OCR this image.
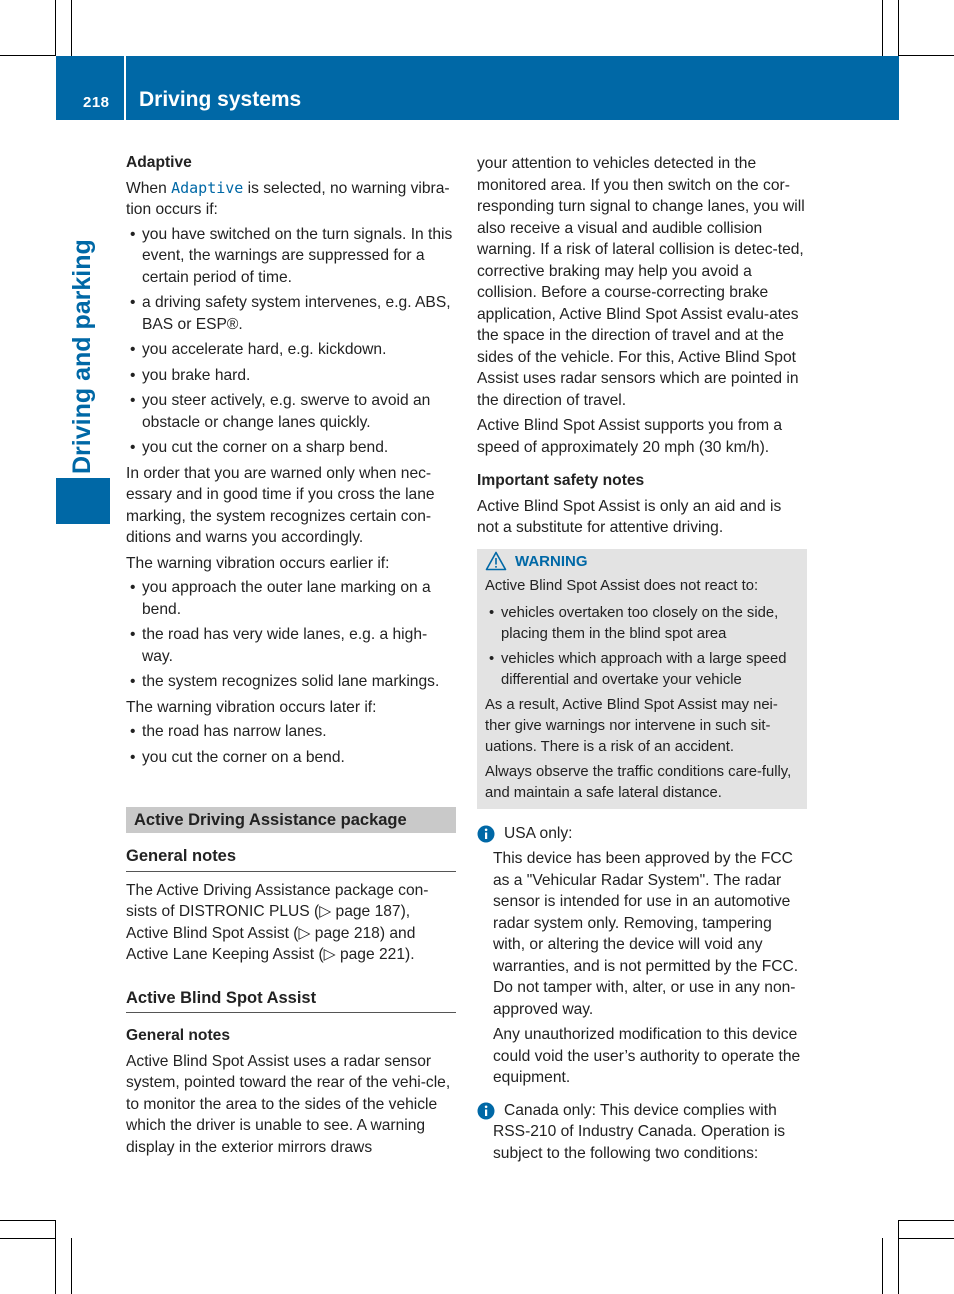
218 Driving systems
Driving and parking

Adaptive

When Adaptive is selected, no warning vibra-tion occurs if:

• you have switched on the turn signals. In this event, the warnings are suppressed for a certain period of time.
• a driving safety system intervenes, e.g. ABS, BAS or ESP®.
• you accelerate hard, e.g. kickdown.
• you brake hard.
• you steer actively, e.g. swerve to avoid an obstacle or change lanes quickly.
• you cut the corner on a sharp bend.

In order that you are warned only when nec-essary and in good time if you cross the lane marking, the system recognizes certain con-ditions and warns you accordingly.

The warning vibration occurs earlier if:

• you approach the outer lane marking on a bend.
• the road has very wide lanes, e.g. a high-way.
• the system recognizes solid lane markings.

The warning vibration occurs later if:

• the road has narrow lanes.
• you cut the corner on a bend.
Active Driving Assistance package
General notes

The Active Driving Assistance package con-sists of DISTRONIC PLUS (▷ page 187), Active Blind Spot Assist (▷ page 218) and Active Lane Keeping Assist (▷ page 221).

Active Blind Spot Assist

General notes

Active Blind Spot Assist uses a radar sensor system, pointed toward the rear of the vehi-cle, to monitor the area to the sides of the vehicle which the driver is unable to see. A warning display in the exterior mirrors draws

your attention to vehicles detected in the monitored area. If you then switch on the cor-responding turn signal to change lanes, you will also receive a visual and audible collision warning. If a risk of lateral collision is detec-ted, corrective braking may help you avoid a collision. Before a course-correcting brake application, Active Blind Spot Assist evalu-ates the space in the direction of travel and at the sides of the vehicle. For this, Active Blind Spot Assist uses radar sensors which are pointed in the direction of travel.

Active Blind Spot Assist supports you from a speed of approximately 20 mph (30 km/h).

Important safety notes

Active Blind Spot Assist is only an aid and is not a substitute for attentive driving.

WARNING

Active Blind Spot Assist does not react to:

• vehicles overtaken too closely on the side, placing them in the blind spot area
• vehicles which approach with a large speed differential and overtake your vehicle

As a result, Active Blind Spot Assist may nei-ther give warnings nor intervene in such sit-uations. There is a risk of an accident.

Always observe the traffic conditions care-fully, and maintain a safe lateral distance.

USA only:

This device has been approved by the FCC as a "Vehicular Radar System". The radar sensor is intended for use in an automotive radar system only. Removing, tampering with, or altering the device will void any warranties, and is not permitted by the FCC. Do not tamper with, alter, or use in any non-approved way.

Any unauthorized modification to this device could void the user’s authority to operate the equipment.

Canada only: This device complies with RSS-210 of Industry Canada. Operation is subject to the following two conditions:
